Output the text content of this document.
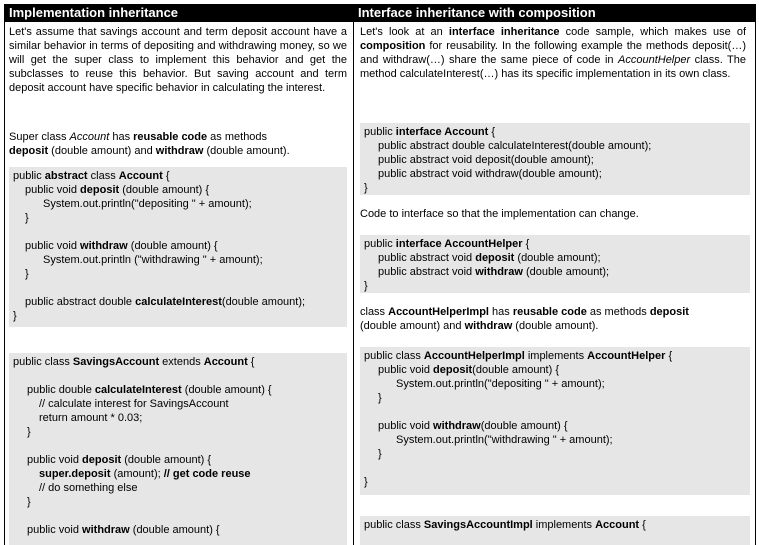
Implementation inheritance
Let's assume that savings account and term deposit account have a similar behavior in terms of depositing and withdrawing money, so we will get the super class to implement this behavior and get the subclasses to reuse this behavior. But saving account and term deposit account have specific behavior in calculating the interest.
Super class Account has reusable code as methods
deposit (double amount) and withdraw (double amount).
public abstract class Account {
public void deposit (double amount) {
System.out.println("depositing " + amount);
}
public void withdraw (double amount) {
System.out.println ("withdrawing " + amount);
}
public abstract double calculateInterest(double amount);
}
public class SavingsAccount extends Account {
public double calculateInterest (double amount) {
// calculate interest for SavingsAccount
return amount * 0.03;
}
public void deposit (double amount) {
super.deposit (amount); // get code reuse
// do something else
}
public void withdraw (double amount) {
Interface inheritance with composition
Let's look at an interface inheritance code sample, which makes use of composition for reusability. In the following example the methods deposit(…) and withdraw(…) share the same piece of code in AccountHelper class. The method calculateInterest(…) has its specific implementation in its own class.
public interface Account {
public abstract double calculateInterest(double amount);
public abstract void deposit(double amount);
public abstract void withdraw(double amount);
}
Code to interface so that the implementation can change.
public interface AccountHelper {
public abstract void deposit (double amount);
public abstract void withdraw (double amount);
}
class AccountHelperImpl has reusable code as methods deposit
(double amount) and withdraw (double amount).
public class AccountHelperImpl implements AccountHelper {
public void deposit(double amount) {
System.out.println("depositing " + amount);
}
public void withdraw(double amount) {
System.out.println("withdrawing " + amount);
}
}
public class SavingsAccountImpl implements Account {
